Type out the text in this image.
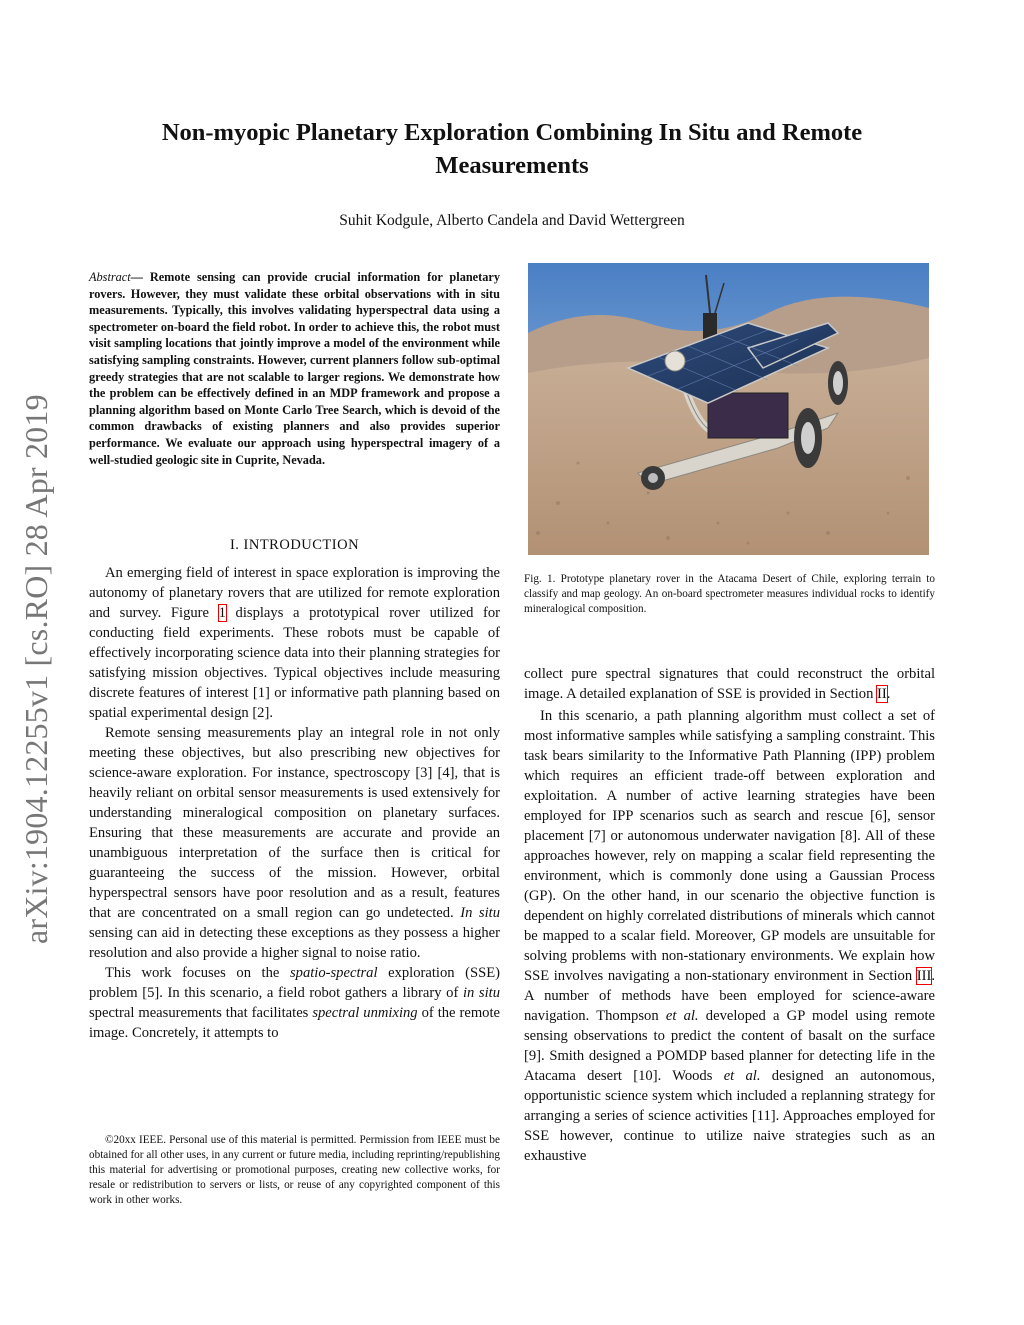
Non-myopic Planetary Exploration Combining In Situ and Remote
Measurements
Suhit Kodgule, Alberto Candela and David Wettergreen
arXiv:1904.12255v1 [cs.RO] 28 Apr 2019
Abstract— Remote sensing can provide crucial information for planetary rovers. However, they must validate these orbital observations with in situ measurements. Typically, this involves validating hyperspectral data using a spectrometer on-board the field robot. In order to achieve this, the robot must visit sampling locations that jointly improve a model of the environment while satisfying sampling constraints. However, current planners follow sub-optimal greedy strategies that are not scalable to larger regions. We demonstrate how the problem can be effectively defined in an MDP framework and propose a planning algorithm based on Monte Carlo Tree Search, which is devoid of the common drawbacks of existing planners and also provides superior performance. We evaluate our approach using hyperspectral imagery of a well-studied geologic site in Cuprite, Nevada.
I. INTRODUCTION

An emerging field of interest in space exploration is improving the autonomy of planetary rovers that are utilized for remote exploration and survey. Figure 1 displays a prototypical rover utilized for conducting field experiments. These robots must be capable of effectively incorporating science data into their planning strategies for satisfying mission objectives. Typical objectives include measuring discrete features of interest [1] or informative path planning based on spatial experimental design [2].

Remote sensing measurements play an integral role in not only meeting these objectives, but also prescribing new objectives for science-aware exploration. For instance, spectroscopy [3] [4], that is heavily reliant on orbital sensor measurements is used extensively for understanding mineralogical composition on planetary surfaces. Ensuring that these measurements are accurate and provide an unambiguous interpretation of the surface then is critical for guaranteeing the success of the mission. However, orbital hyperspectral sensors have poor resolution and as a result, features that are concentrated on a small region can go undetected. In situ sensing can aid in detecting these exceptions as they possess a higher resolution and also provide a higher signal to noise ratio.

This work focuses on the spatio-spectral exploration (SSE) problem [5]. In this scenario, a field robot gathers a library of in situ spectral measurements that facilitates spectral unmixing of the remote image. Concretely, it attempts to

©20xx IEEE. Personal use of this material is permitted. Permission from IEEE must be obtained for all other uses, in any current or future media, including reprinting/republishing this material for advertising or promotional purposes, creating new collective works, for resale or redistribution to servers or lists, or reuse of any copyrighted component of this work in other works.

Fig. 1. Prototype planetary rover in the Atacama Desert of Chile, exploring terrain to classify and map geology. An on-board spectrometer measures individual rocks to identify mineralogical composition.

collect pure spectral signatures that could reconstruct the orbital image. A detailed explanation of SSE is provided in Section II.

In this scenario, a path planning algorithm must collect a set of most informative samples while satisfying a sampling constraint. This task bears similarity to the Informative Path Planning (IPP) problem which requires an efficient trade-off between exploration and exploitation. A number of active learning strategies have been employed for IPP scenarios such as search and rescue [6], sensor placement [7] or autonomous underwater navigation [8]. All of these approaches however, rely on mapping a scalar field representing the environment, which is commonly done using a Gaussian Process (GP). On the other hand, in our scenario the objective function is dependent on highly correlated distributions of minerals which cannot be mapped to a scalar field. Moreover, GP models are unsuitable for solving problems with non-stationary environments. We explain how SSE involves navigating a non-stationary environment in Section III. A number of methods have been employed for science-aware navigation. Thompson et al. developed a GP model using remote sensing observations to predict the content of basalt on the surface [9]. Smith designed a POMDP based planner for detecting life in the Atacama desert [10]. Woods et al. designed an autonomous, opportunistic science system which included a replanning strategy for arranging a series of science activities [11]. Approaches employed for SSE however, continue to utilize naive strategies such as an exhaustive
